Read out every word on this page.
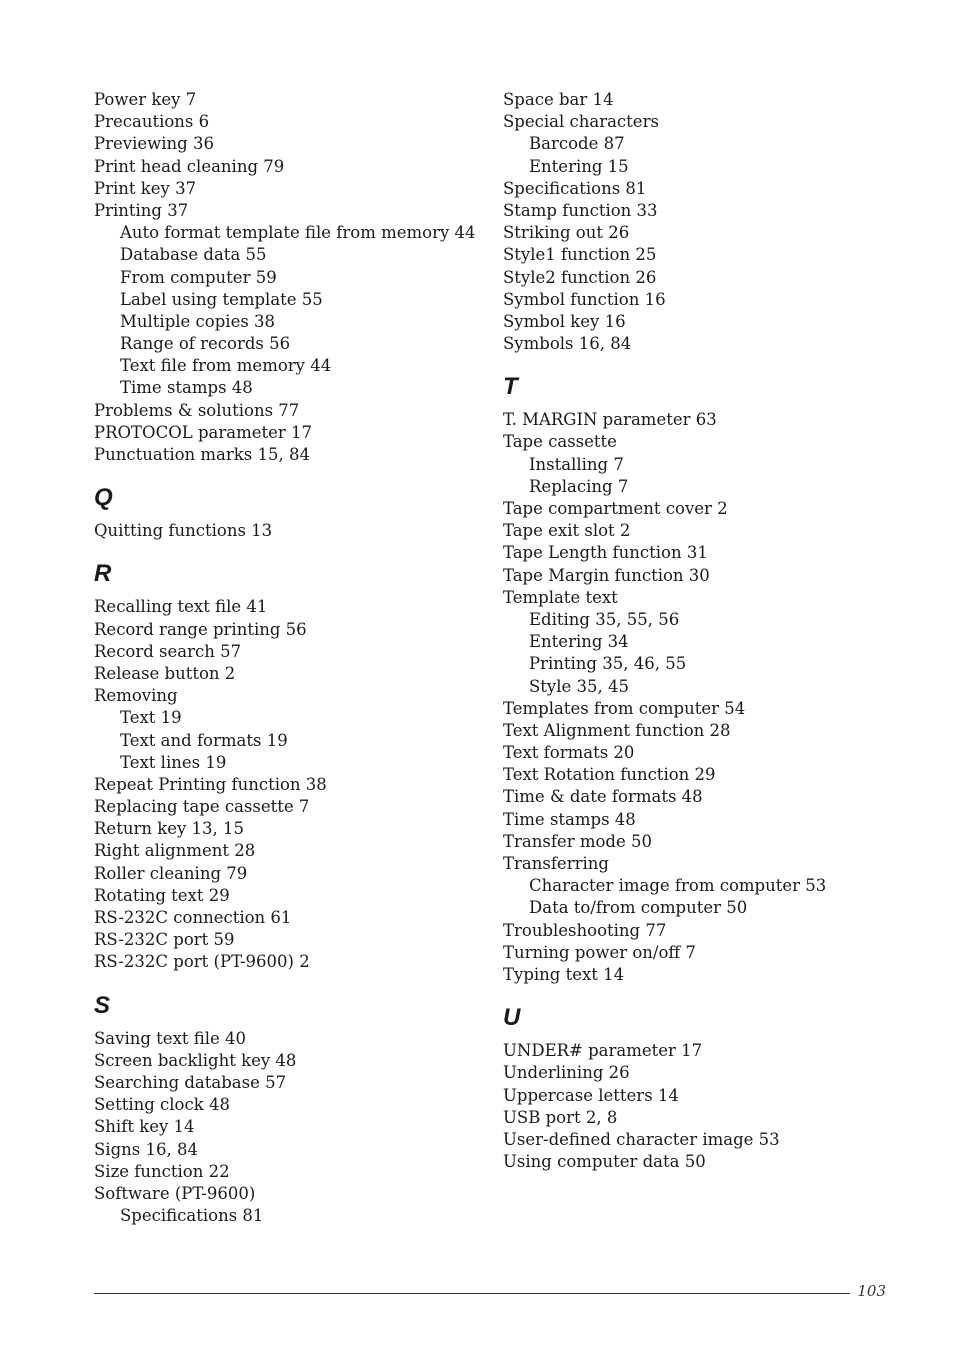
Power key 7
Precautions 6
Previewing 36
Print head cleaning 79
Print key 37
Printing 37
Auto format template file from memory 44
Database data 55
From computer 59
Label using template 55
Multiple copies 38
Range of records 56
Text file from memory 44
Time stamps 48
Problems & solutions 77
PROTOCOL parameter 17
Punctuation marks 15, 84
Q
Quitting functions 13
R
Recalling text file 41
Record range printing 56
Record search 57
Release button 2
Removing
Text 19
Text and formats 19
Text lines 19
Repeat Printing function 38
Replacing tape cassette 7
Return key 13, 15
Right alignment 28
Roller cleaning 79
Rotating text 29
RS-232C connection 61
RS-232C port 59
RS-232C port (PT-9600) 2
S
Saving text file 40
Screen backlight key 48
Searching database 57
Setting clock 48
Shift key 14
Signs 16, 84
Size function 22
Software (PT-9600)
Specifications 81
Space bar 14
Special characters
Barcode 87
Entering 15
Specifications 81
Stamp function 33
Striking out 26
Style1 function 25
Style2 function 26
Symbol function 16
Symbol key 16
Symbols 16, 84
T
T. MARGIN parameter 63
Tape cassette
Installing 7
Replacing 7
Tape compartment cover 2
Tape exit slot 2
Tape Length function 31
Tape Margin function 30
Template text
Editing 35, 55, 56
Entering 34
Printing 35, 46, 55
Style 35, 45
Templates from computer 54
Text Alignment function 28
Text formats 20
Text Rotation function 29
Time & date formats 48
Time stamps 48
Transfer mode 50
Transferring
Character image from computer 53
Data to/from computer 50
Troubleshooting 77
Turning power on/off 7
Typing text 14
U
UNDER# parameter 17
Underlining 26
Uppercase letters 14
USB port 2, 8
User-defined character image 53
Using computer data 50
103
